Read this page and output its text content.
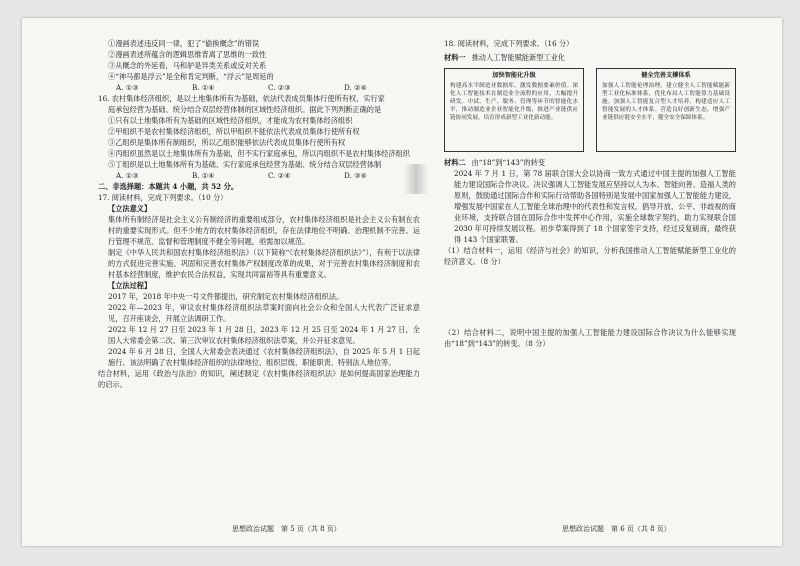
①漫画表述违反同一律，犯了“偷换概念”的错误
②漫画表述所蕴含的逻辑思维背离了思维的一致性
③从概念的外延看，马和驴是异类关系或反对关系
④“神马都是浮云”是全称肯定判断，“浮云”是周延的
A. ①③	B. ①④	C. ②③	D. ②④
16. 农村集体经济组织，是以土地集体所有为基础，依法代表成员集体行使所有权，实行家
庭承包经营为基础、统分结合双层经营体制的区域性经济组织。据此下列判断正确的是
①只有以土地集体所有为基础的区域性经济组织，才能成为农村集体经济组织
②甲组织不是农村集体经济组织，所以甲组织不能依法代表成员集体行使所有权
③乙组织是集体所有制组织，所以乙组织能够依法代表成员集体行使所有权
④丙组织虽然是以土地集体所有为基础，但不实行家庭承包，所以丙组织不是农村集体经济组织
⑤丁组织是以土地集体所有为基础、实行家庭承包经营为基础、统分结合双层经营体制
A. ①③	B. ①④	C. ②④	D. ③④
二、非选择题：本题共 4 小题，共 52 分。
17. 阅读材料，完成下列要求。（10 分）
【立法意义】
集体所有制经济是社会主义公有制经济的重要组成部分，农村集体经济组织是社会主义公有制在农村的重要实现形式。但不少地方的农村集体经济组织，存在法律地位不明确、治理机制不完善、运行管理不规范、监督和管理制度不健全等问题，亟需加以规范。
制定《中华人民共和国农村集体经济组织法》（以下简称“《农村集体经济组织法》”），有利于以法律的方式促进完善实施、巩固和完善农村集体产权制度改革的成果，对于完善农村集体经济制度和农村基本经营制度，维护农民合法权益，实现共同富裕等具有重要意义。
【立法过程】
2017 年，2018 年中央一号文件都提出，研究制定农村集体经济组织法。
2022 年—2023 年，审议农村集体经济组织法草案时面向社会公众和全国人大代表广泛征求意见，召开座谈会，开展立法调研工作。
2022 年 12 月 27 日至 2023 年 1 月 28 日，2023 年 12 月 25 日至 2024 年 1 月 27 日，全国人大常委会第二次、第三次审议农村集体经济组织法草案，并公开征求意见。
2024 年 6 月 28 日，全国人大常委会表决通过《农村集体经济组织法》，自 2025 年 5 月 1 日起施行。该法明确了农村集体经济组织的法律地位、组织层级、职能职责、特别法人地位等。
结合材料，运用《政治与法治》的知识，阐述制定《农村集体经济组织法》是如何提高国家治理能力的启示。
18. 阅读材料，完成下列要求。（16 分）
材料一 推动人工智能赋能新型工业化
加快智能化升级
构建高水平制造业数据库，激发数据要素价值。深化人工智能技术在制造业全流程的应用，大幅提升研发、中试、生产、服务、管理等环节的智能化水平，推动制造业企业智能化升级，推进产业链供应链协同发展，培育形成新型工业化新动能。
健全完善支撑体系
加强人工智能伦理治理，建立健全人工智能赋能新型工业化标准体系，优化布局人工智能算力基础设施。加强人工智能复合型人才培养，构建适应人工智能发展的人才体系。营造良好创新生态，增强产业链供应链安全水平，健全安全保障体系。
材料二 由“18”到“143”的转变
2024 年 7 月 1 日，第 78 届联合国大会以协商一致方式通过中国主提的加强人工智能能力建设国际合作决议。决议强调人工智能发展应坚持以人为本、智能向善、造福人类的原则，鼓励通过国际合作和实际行动帮助各国特别是发展中国家加强人工智能能力建设，增强发展中国家在人工智能全球治理中的代表性和发言权，倡导开放、公平、非歧视的商业环境，支持联合国在国际合作中发挥中心作用，实施全球数字契约，助力实现联合国 2030 年可持续发展议程。初步草案得到了 18 个国家签字支持，经过反复磋商，最终获得 143 个国家联署。
（1）结合材料一，运用《经济与社会》的知识，分析我国推动人工智能赋能新型工业化的经济意义。（8 分）
（2）结合材料二，说明中国主提的加强人工智能能力建设国际合作决议为什么能够实现由“18”到“143”的转变。（8 分）
思想政治试题　第 5 页（共 8 页）	思想政治试题　第 6 页（共 8 页）
